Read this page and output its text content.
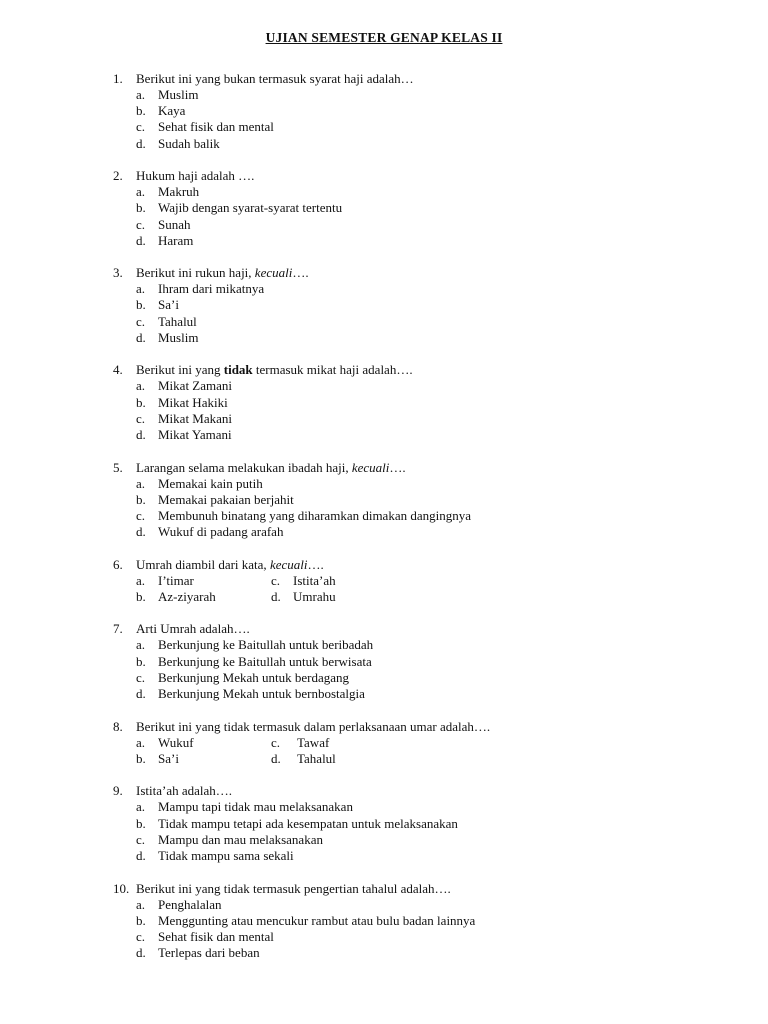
UJIAN SEMESTER GENAP KELAS II
1. Berikut ini yang bukan termasuk syarat haji adalah…
a. Muslim
b. Kaya
c. Sehat fisik dan mental
d. Sudah balik
2. Hukum haji adalah ….
a. Makruh
b. Wajib dengan syarat-syarat tertentu
c. Sunah
d. Haram
3. Berikut ini rukun haji, kecuali….
a. Ihram dari mikatnya
b. Sa’i
c. Tahalul
d. Muslim
4. Berikut ini yang tidak termasuk mikat haji adalah….
a. Mikat Zamani
b. Mikat Hakiki
c. Mikat Makani
d. Mikat Yamani
5. Larangan selama melakukan ibadah haji, kecuali….
a. Memakai kain putih
b. Memakai pakaian berjahit
c. Membunuh binatang yang diharamkan dimakan dangingnya
d. Wukuf di padang arafah
6. Umrah diambil dari kata, kecuali….
a. I’timar	c. Istita’ah
b. Az-ziyarah	d. Umrahu
7. Arti Umrah adalah….
a. Berkunjung ke Baitullah untuk beribadah
b. Berkunjung ke Baitullah untuk berwisata
c. Berkunjung Mekah untuk berdagang
d. Berkunjung Mekah untuk bernbostalgia
8. Berikut ini yang tidak termasuk dalam perlaksanaan umar adalah….
a. Wukuf	c. Tawaf
b. Sa’i	d. Tahalul
9. Istita’ah adalah….
a. Mampu tapi tidak mau melaksanakan
b. Tidak mampu tetapi ada kesempatan untuk melaksanakan
c. Mampu dan mau melaksanakan
d. Tidak mampu sama sekali
10. Berikut ini yang tidak termasuk pengertian tahalul adalah….
a. Penghalalan
b. Menggunting atau mencukur rambut atau bulu badan lainnya
c. Sehat fisik dan mental
d. Terlepas dari beban
